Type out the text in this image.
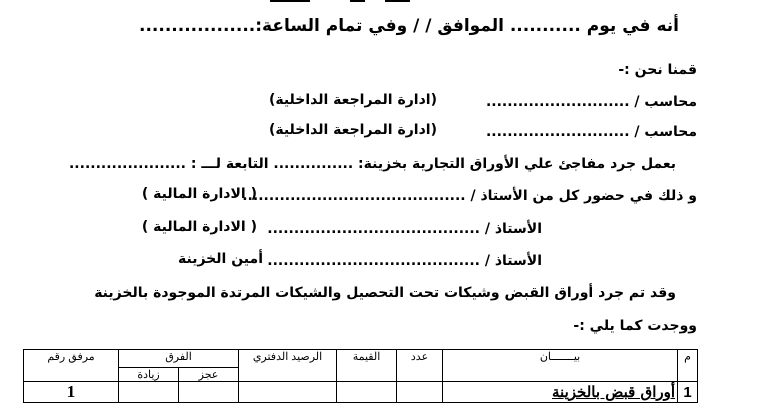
أنه في يوم ........... الموافق / / وفي تمام الساعة:..................
قمنا نحن :-
محاسب / ...........................
(ادارة المراجعة الداخلية)
محاسب / ...........................
(ادارة المراجعة الداخلية)
بعمل جرد مفاجئ علي الأوراق التجارية بخزينة: ............... التابعة لـــ : ......................
و ذلك في حضور كل من الأستاذ / ..........................................
( الادارة المالية )
الأستاذ / ........................................
( الادارة المالية )
الأستاذ / ........................................
أمين الخزينة
وقد تم جرد أوراق القبض وشيكات تحت التحصيل والشيكات المرتدة الموجودة بالخزينة
ووجدت كما يلي :-
م	بيـــــــان	عدد	القيمة	الرصيد الدفتري	الفرق		مرفق رقم
					عجز	زيادة	
1	أوراق قبض بالخزينة						1
